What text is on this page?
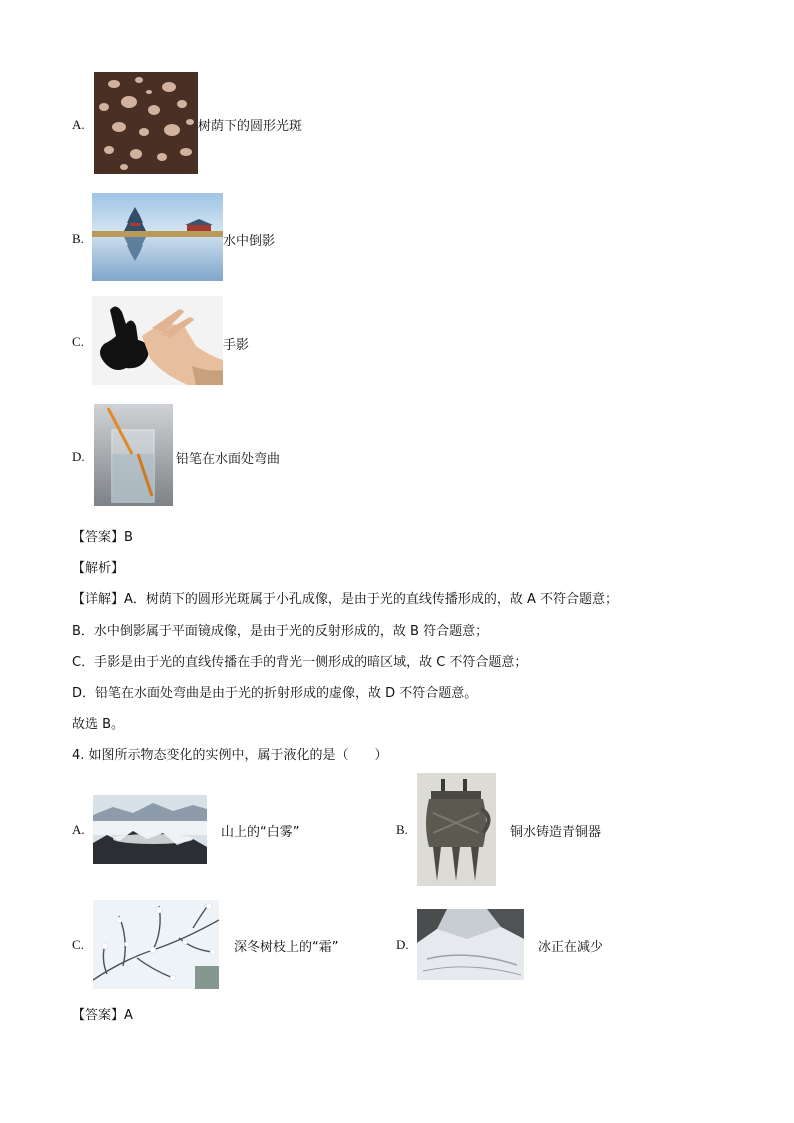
A.	树荫下的圆形光斑
B.	水中倒影
C.	手影
D.	铅笔在水面处弯曲
【答案】B
【解析】
【详解】A．树荫下的圆形光斑属于小孔成像，是由于光的直线传播形成的，故 A 不符合题意；
B．水中倒影属于平面镜成像，是由于光的反射形成的，故 B 符合题意；
C．手影是由于光的直线传播在手的背光一侧形成的暗区域，故 C 不符合题意；
D．铅笔在水面处弯曲是由于光的折射形成的虚像，故 D 不符合题意。
故选 B。
4. 如图所示物态变化的实例中，属于液化的是（　　）
A.	山上的“白雾”	B.	铜水铸造青铜器
C.	深冬树枝上的“霜”	D.	冰正在减少
【答案】A
